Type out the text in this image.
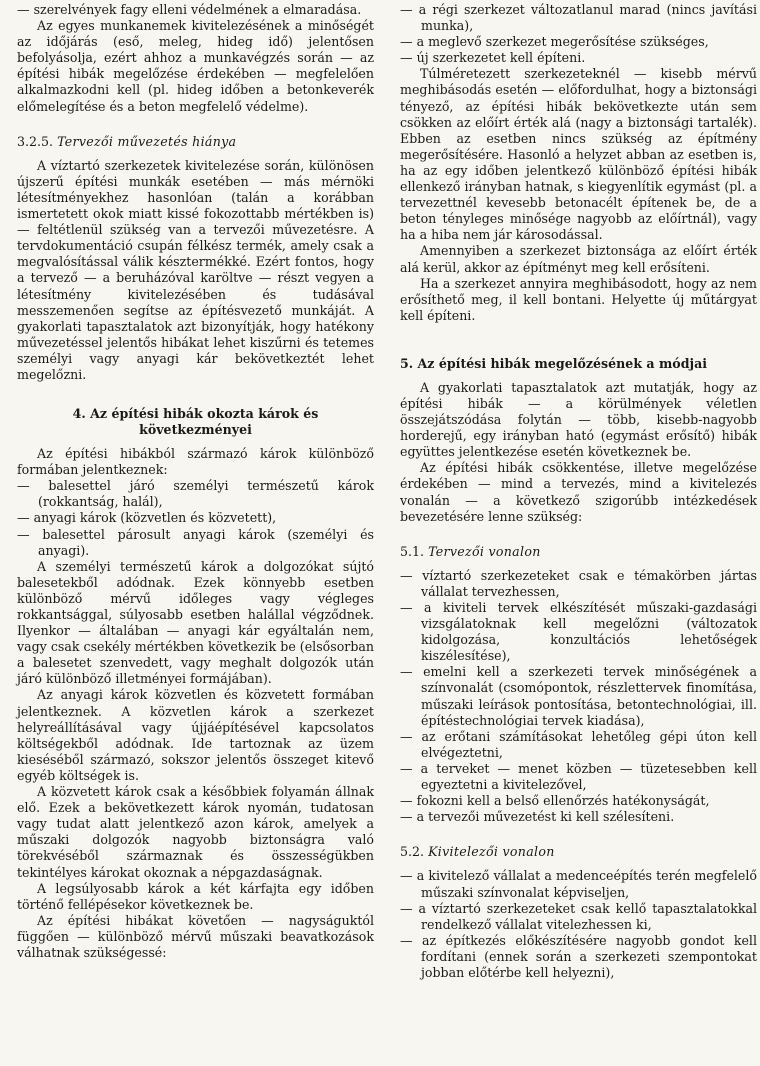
— szerelvények fagy elleni védelmének a elmaradása.

Az egyes munkanemek kivitelezésének a minőségét az időjárás (eső, meleg, hideg idő) jelentősen befolyásolja, ezért ahhoz a munkavégzés során — az építési hibák megelőzése érdekében — megfelelően alkalmazkodni kell (pl. hideg időben a betonkeverék előmelegítése és a beton megfelelő védelme).

3.2.5. Tervezői művezetés hiánya

A víztartó szerkezetek kivitelezése során, különösen újszerű építési munkák esetében — más mérnöki létesítményekhez hasonlóan (talán a korábban ismertetett okok miatt kissé fokozottabb mértékben is) — feltétlenül szükség van a tervezői művezetésre. A tervdokumentáció csupán félkész termék, amely csak a megvalósítással válik késztermékké. Ezért fontos, hogy a tervező — a beruházóval karöltve — részt vegyen a létesítmény kivitelezésében és tudásával messzemenően segítse az építésvezető munkáját. A gyakorlati tapasztalatok azt bizonyítják, hogy hatékony művezetéssel jelentős hibákat lehet kiszűrni és tetemes személyi vagy anyagi kár bekövetkeztét lehet megelőzni.

4. Az építési hibák okozta károk és következményei

Az építési hibákból származó károk különböző formában jelentkeznek:

— balesettel járó személyi természetű károk (rokkantság, halál),

— anyagi károk (közvetlen és közvetett),

— balesettel párosult anyagi károk (személyi és anyagi).

A személyi természetű károk a dolgozókat sújtó balesetekből adódnak. Ezek könnyebb esetben különböző mérvű időleges vagy végleges rokkantsággal, súlyosabb esetben halállal végződnek. Ilyenkor — általában — anyagi kár egyáltalán nem, vagy csak csekély mértékben következik be (elsősorban a balesetet szenvedett, vagy meghalt dolgozók után járó különböző illetményei formájában).

Az anyagi károk közvetlen és közvetett formában jelentkeznek. A közvetlen károk a szerkezet helyreállításával vagy újjáépítésével kapcsolatos költségekből adódnak. Ide tartoznak az üzem kieséséből származó, sokszor jelentős összeget kitevő egyéb költségek is.

A közvetett károk csak a későbbiek folyamán állnak elő. Ezek a bekövetkezett károk nyomán, tudatosan vagy tudat alatt jelentkező azon károk, amelyek a műszaki dolgozók nagyobb biztonságra való törekvéséből származnak és összességükben tekintélyes károkat okoznak a népgazdaságnak.

A legsúlyosabb károk a két kárfajta egy időben történő fellépésekor következnek be.

Az építési hibákat követően — nagyságuktól függően — különböző mérvű műszaki beavatkozások válhatnak szükségessé:

— a régi szerkezet változatlanul marad (nincs javítási munka),

— a meglevő szerkezet megerősítése szükséges,

— új szerkezetet kell építeni.

Túlméretezett szerkezeteknél — kisebb mérvű meghibásodás esetén — előfordulhat, hogy a biztonsági tényező, az építési hibák bekövetkezte után sem csökken az előírt érték alá (nagy a biztonsági tartalék). Ebben az esetben nincs szükség az építmény megerősítésére. Hasonló a helyzet abban az esetben is, ha az egy időben jelentkező különböző építési hibák ellenkező irányban hatnak, s kiegyenlítik egymást (pl. a tervezettnél kevesebb betonacélt építenek be, de a beton tényleges minősége nagyobb az előírtnál), vagy ha a hiba nem jár károsodással.

Amennyiben a szerkezet biztonsága az előírt érték alá kerül, akkor az építményt meg kell erősíteni.

Ha a szerkezet annyira meghibásodott, hogy az nem erősíthető meg, il kell bontani. Helyette új műtárgyat kell építeni.

5. Az építési hibák megelőzésének a módjai

A gyakorlati tapasztalatok azt mutatják, hogy az építési hibák — a körülmények véletlen összejátszódása folytán — több, kisebb-nagyobb horderejű, egy irányban ható (egymást erősítő) hibák együttes jelentkezése esetén következnek be.

Az építési hibák csökkentése, illetve megelőzése érdekében — mind a tervezés, mind a kivitelezés vonalán — a következő szigorúbb intézkedések bevezetésére lenne szükség:

5.1. Tervezői vonalon

— víztartó szerkezeteket csak e témakörben jártas vállalat tervezhessen,

— a kiviteli tervek elkészítését műszaki-gazdasági vizsgálatoknak kell megelőzni (változatok kidolgozása, konzultációs lehetőségek kiszélesítése),

— emelni kell a szerkezeti tervek minőségének a színvonalát (csomópontok, részlettervek finomítása, műszaki leírások pontosítása, betontechnológiai, ill. építéstechnológiai tervek kiadása),

— az erőtani számításokat lehetőleg gépi úton kell elvégeztetni,

— a terveket — menet közben — tüzetesebben kell egyeztetni a kivitelezővel,

— fokozni kell a belső ellenőrzés hatékonyságát,

— a tervezői művezetést ki kell szélesíteni.

5.2. Kivitelezői vonalon

— a kivitelező vállalat a medenceépítés terén megfelelő műszaki színvonalat képviseljen,

— a víztartó szerkezeteket csak kellő tapasztalatokkal rendelkező vállalat vitelezhessen ki,

— az építkezés előkészítésére nagyobb gondot kell fordítani (ennek során a szerkezeti szempontokat jobban előtérbe kell helyezni),
